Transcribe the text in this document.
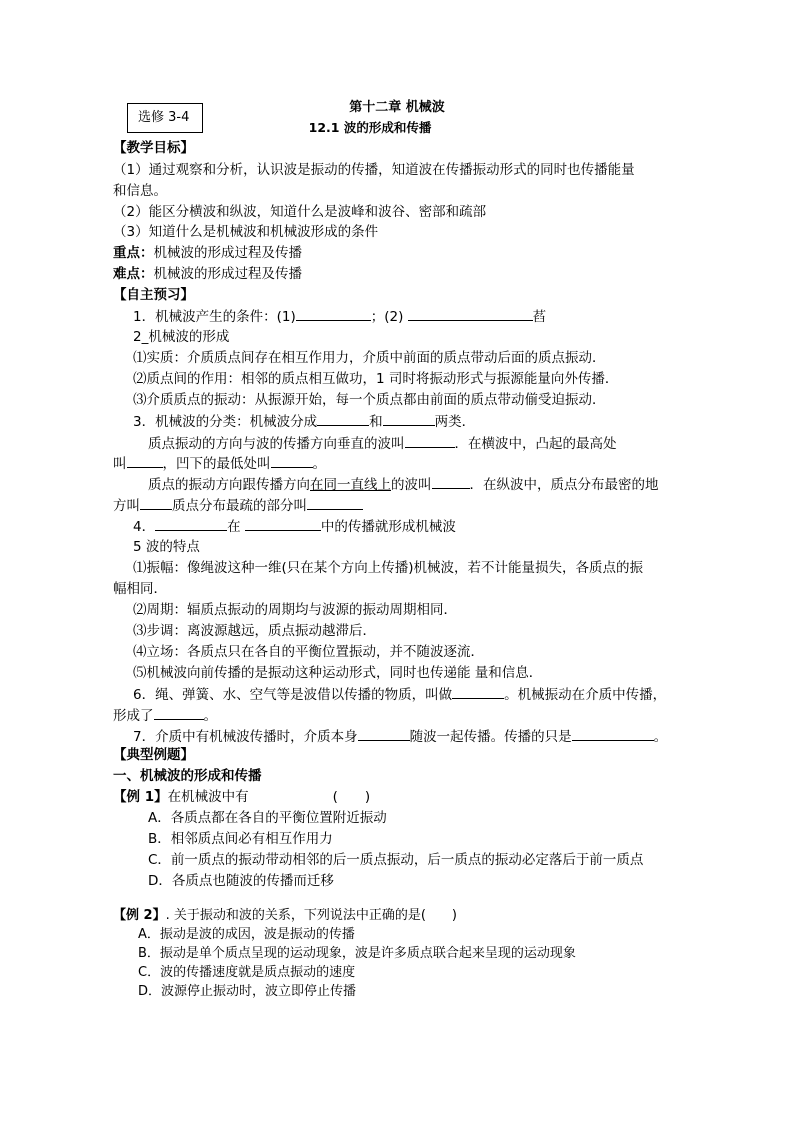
选修 3-4
第十二章 机械波
12.1 波的形成和传播
【教学目标】
（1）通过观察和分析，认识波是振动的传播，知道波在传播振动形式的同时也传播能量
和信息。
（2）能区分横波和纵波，知道什么是波峰和波谷、密部和疏部
（3）知道什么是机械波和机械波形成的条件
重点：机械波的形成过程及传播
难点：机械波的形成过程及传播
【自主预习】
1．机械波产生的条件：(1)	；(2)	萏
2_机械波的形成
⑴实质：介质质点间存在相互作用力，介质中前面的质点带动后面的质点振动．
⑵质点间的作用：相邻的质点相互做功，1 司时将振动形式与振源能量向外传播．
⑶介质质点的振动：从振源开始，每一个质点都由前面的质点带动偂受迫振动．
3．机械波的分类：机械波分成	和	两类．
质点振动的方向与波的传播方向垂直的波叫	．在横波中，凸起的最高处
叫	，凹下的最低处叫	。
质点的振动方向跟传播方向在同一直线上的波叫	．在纵波中，质点分布最密的地
方叫 质点分布最疏的部分叫
4．	在	中的传播就形成机械波
5 波的特点
⑴振幅：像绳波这种一维(只在某个方向上传播)机械波，若不计能量损失，各质点的振
幅相同．
⑵周期：辐质点振动的周期均与波源的振动周期相同．
⑶步调：离波源越远，质点振动越滞后．
⑷立场：各质点只在各自的平衡位置振动，并不随波逐流．
⑸机械波向前传播的是振动这种运动形式，同时也传递能 量和信息．
6．绳、弹簧、水、空气等是波借以传播的物质，叫做	。机械振动在介质中传播，
形成了	。
7．介质中有机械波传播时，介质本身	随波一起传播。传播的只是	。
【典型例题】
一、机械波的形成和传播
【例 1】在机械波中有	(　　)
A．各质点都在各自的平衡位置附近振动
B．相邻质点间必有相互作用力
C．前一质点的振动带动相邻的后一质点振动，后一质点的振动必定落后于前一质点
D．各质点也随波的传播而迁移
【例 2】. 关于振动和波的关系，下列说法中正确的是(　　)
A．振动是波的成因，波是振动的传播
B．振动是单个质点呈现的运动现象，波是许多质点联合起来呈现的运动现象
C．波的传播速度就是质点振动的速度
D．波源停止振动时，波立即停止传播
